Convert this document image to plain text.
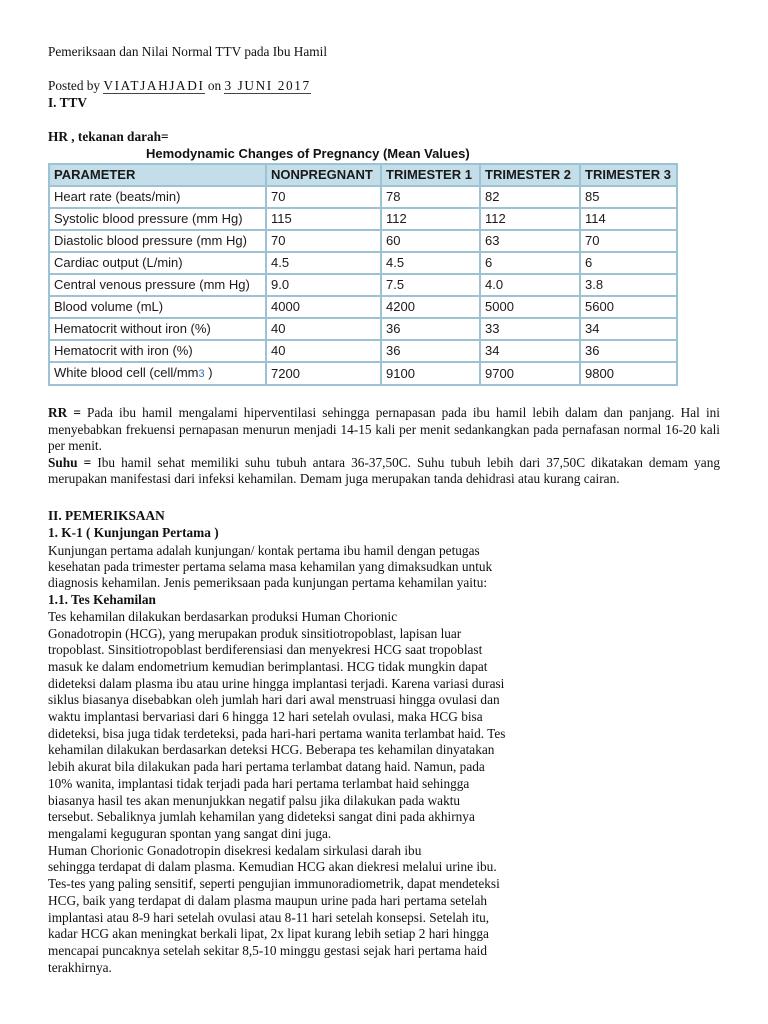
Pemeriksaan dan Nilai Normal TTV pada Ibu Hamil
Posted by VIATJAHJADI on 3 JUNI 2017
I. TTV
HR , tekanan darah=
Hemodynamic Changes of Pregnancy (Mean Values)
PARAMETER	NONPREGNANT	TRIMESTER 1	TRIMESTER 2	TRIMESTER 3
Heart rate (beats/min)	70	78	82	85
Systolic blood pressure (mm Hg)	115	112	112	114
Diastolic blood pressure (mm Hg)	70	60	63	70
Cardiac output (L/min)	4.5	4.5	6	6
Central venous pressure (mm Hg)	9.0	7.5	4.0	3.8
Blood volume (mL)	4000	4200	5000	5600
Hematocrit without iron (%)	40	36	33	34
Hematocrit with iron (%)	40	36	34	36
White blood cell (cell/mm3 )	7200	9100	9700	9800

RR = Pada ibu hamil mengalami hiperventilasi sehingga pernapasan pada ibu hamil lebih dalam dan panjang. Hal ini menyebabkan frekuensi pernapasan menurun menjadi 14-15 kali per menit sedankangkan pada pernafasan normal 16-20 kali per menit.

Suhu = Ibu hamil sehat memiliki suhu tubuh antara 36-37,50C. Suhu tubuh lebih dari 37,50C dikatakan demam yang merupakan manifestasi dari infeksi kehamilan. Demam juga merupakan tanda dehidrasi atau kurang cairan.

II. PEMERIKSAAN
1. K-1 ( Kunjungan Pertama )
Kunjungan pertama adalah kunjungan/ kontak pertama ibu hamil dengan petugas
kesehatan pada trimester pertama selama masa kehamilan yang dimaksudkan untuk
diagnosis kehamilan. Jenis pemeriksaan pada kunjungan pertama kehamilan yaitu:
1.1. Tes Kehamilan
Tes kehamilan dilakukan berdasarkan produksi Human Chorionic
Gonadotropin (HCG), yang merupakan produk sinsitiotropoblast, lapisan luar
tropoblast. Sinsitiotropoblast berdiferensiasi dan menyekresi HCG saat tropoblast
masuk ke dalam endometrium kemudian berimplantasi. HCG tidak mungkin dapat
dideteksi dalam plasma ibu atau urine hingga implantasi terjadi. Karena variasi durasi
siklus biasanya disebabkan oleh jumlah hari dari awal menstruasi hingga ovulasi dan
waktu implantasi bervariasi dari 6 hingga 12 hari setelah ovulasi, maka HCG bisa
dideteksi, bisa juga tidak terdeteksi, pada hari-hari pertama wanita terlambat haid. Tes
kehamilan dilakukan berdasarkan deteksi HCG. Beberapa tes kehamilan dinyatakan
lebih akurat bila dilakukan pada hari pertama terlambat datang haid. Namun, pada
10% wanita, implantasi tidak terjadi pada hari pertama terlambat haid sehingga
biasanya hasil tes akan menunjukkan negatif palsu jika dilakukan pada waktu
tersebut. Sebaliknya jumlah kehamilan yang dideteksi sangat dini pada akhirnya
mengalami keguguran spontan yang sangat dini juga.
Human Chorionic Gonadotropin disekresi kedalam sirkulasi darah ibu
sehingga terdapat di dalam plasma. Kemudian HCG akan diekresi melalui urine ibu.
Tes-tes yang paling sensitif, seperti pengujian immunoradiometrik, dapat mendeteksi
HCG, baik yang terdapat di dalam plasma maupun urine pada hari pertama setelah
implantasi atau 8-9 hari setelah ovulasi atau 8-11 hari setelah konsepsi. Setelah itu,
kadar HCG akan meningkat berkali lipat, 2x lipat kurang lebih setiap 2 hari hingga
mencapai puncaknya setelah sekitar 8,5-10 minggu gestasi sejak hari pertama haid
terakhirnya.
